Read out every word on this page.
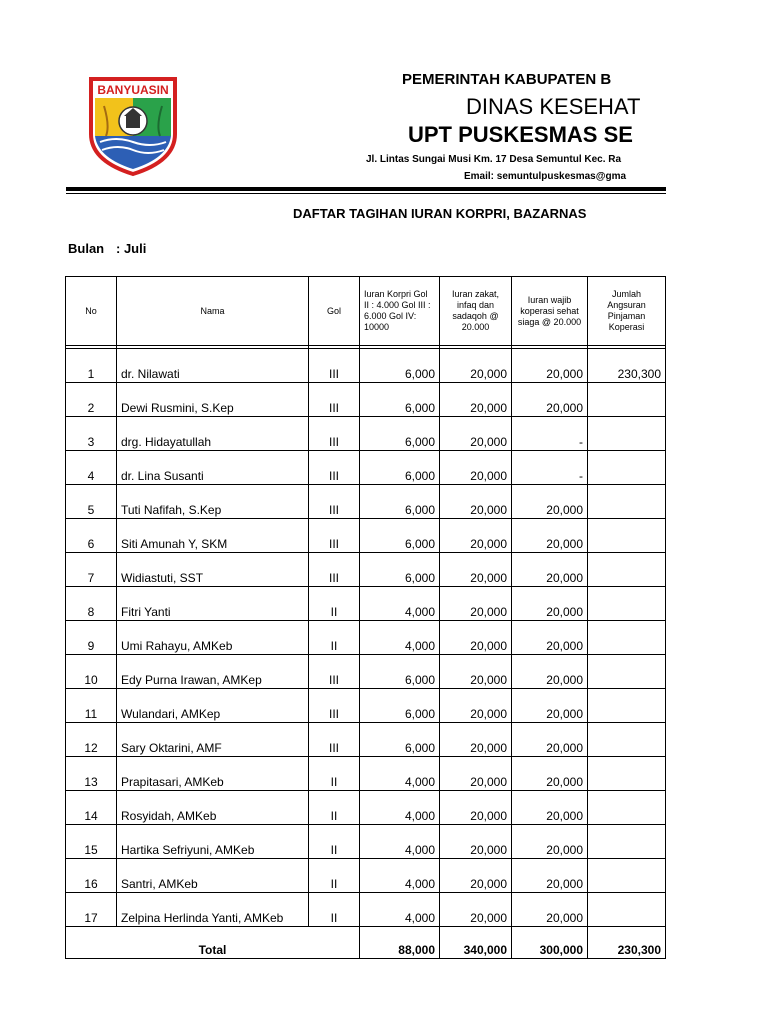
BANYUASIN
PEMERINTAH KABUPATEN B
DINAS KESEHAT
UPT PUSKESMAS SE
Jl. Lintas Sungai Musi Km. 17 Desa Semuntul Kec. Ra
Email: semuntulpuskesmas@gma
DAFTAR TAGIHAN IURAN KORPRI, BAZARNAS
Bulan : Juli
No	Nama	Gol	Iuran Korpri Gol II : 4.000 Gol III : 6.000 Gol IV: 10000	Iuran zakat, infaq dan sadaqoh @ 20.000	Iuran wajib koperasi sehat siaga @ 20.000	Jumlah Angsuran Pinjaman Koperasi

1	dr. Nilawati	III	6,000	20,000	20,000	230,300
2	Dewi Rusmini, S.Kep	III	6,000	20,000	20,000	
3	drg. Hidayatullah	III	6,000	20,000	-	
4	dr. Lina Susanti	III	6,000	20,000	-	
5	Tuti Nafifah, S.Kep	III	6,000	20,000	20,000	
6	Siti Amunah Y, SKM	III	6,000	20,000	20,000	
7	Widiastuti, SST	III	6,000	20,000	20,000	
8	Fitri Yanti	II	4,000	20,000	20,000	
9	Umi Rahayu, AMKeb	II	4,000	20,000	20,000	
10	Edy Purna Irawan, AMKep	III	6,000	20,000	20,000	
11	Wulandari, AMKep	III	6,000	20,000	20,000	
12	Sary Oktarini, AMF	III	6,000	20,000	20,000	
13	Prapitasari, AMKeb	II	4,000	20,000	20,000	
14	Rosyidah, AMKeb	II	4,000	20,000	20,000	
15	Hartika Sefriyuni, AMKeb	II	4,000	20,000	20,000	
16	Santri, AMKeb	II	4,000	20,000	20,000	
17	Zelpina Herlinda Yanti, AMKeb	II	4,000	20,000	20,000	
Total			88,000	340,000	300,000	230,300
